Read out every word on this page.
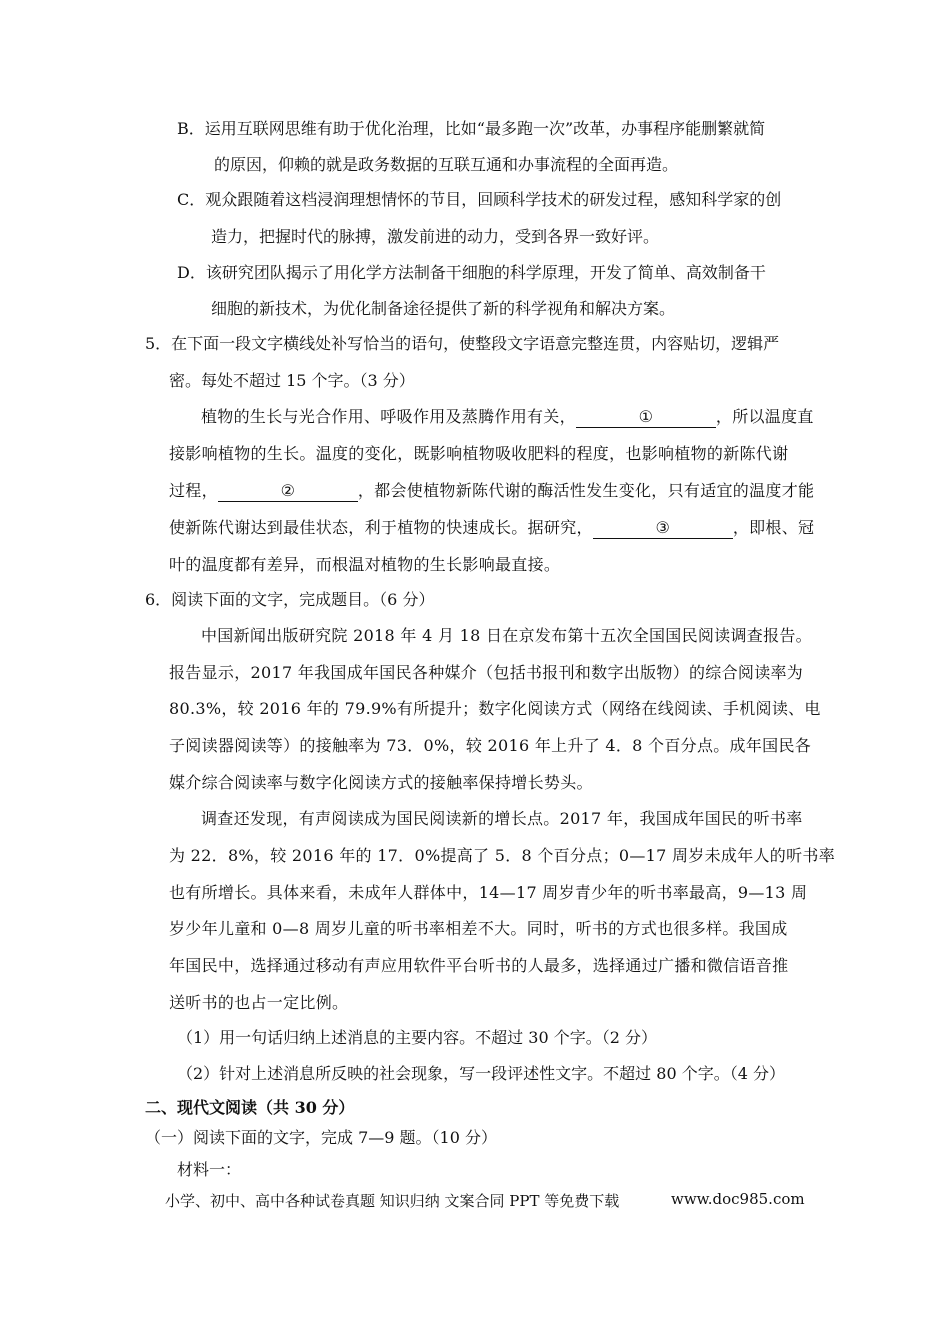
B．运用互联网思维有助于优化治理，比如“最多跑一次”改革，办事程序能删繁就简
的原因，仰赖的就是政务数据的互联互通和办事流程的全面再造。
C．观众跟随着这档浸润理想情怀的节目，回顾科学技术的研发过程，感知科学家的创
造力，把握时代的脉搏，激发前进的动力，受到各界一致好评。
D．该研究团队揭示了用化学方法制备干细胞的科学原理，开发了简单、高效制备干
细胞的新技术，为优化制备途径提供了新的科学视角和解决方案。
5．在下面一段文字横线处补写恰当的语句，使整段文字语意完整连贯，内容贴切，逻辑严
密。每处不超过 15 个字。（3 分）
植物的生长与光合作用、呼吸作用及蒸腾作用有关，	①	，所以温度直
接影响植物的生长。温度的变化，既影响植物吸收肥料的程度，也影响植物的新陈代谢
过程，	②	，都会使植物新陈代谢的酶活性发生变化，只有适宜的温度才能
使新陈代谢达到最佳状态，利于植物的快速成长。据研究，	③	，即根、冠
叶的温度都有差异，而根温对植物的生长影响最直接。
6．阅读下面的文字，完成题目。（6 分）
中国新闻出版研究院 2018 年 4 月 18 日在京发布第十五次全国国民阅读调查报告。
报告显示，2017 年我国成年国民各种媒介（包括书报刊和数字出版物）的综合阅读率为
80.3%，较 2016 年的 79.9%有所提升；数字化阅读方式（网络在线阅读、手机阅读、电
子阅读器阅读等）的接触率为 73．0%，较 2016 年上升了 4．8 个百分点。成年国民各
媒介综合阅读率与数字化阅读方式的接触率保持增长势头。
调查还发现，有声阅读成为国民阅读新的增长点。2017 年，我国成年国民的听书率
为 22．8%，较 2016 年的 17．0%提高了 5．8 个百分点；0—17 周岁未成年人的听书率
也有所增长。具体来看，未成年人群体中，14—17 周岁青少年的听书率最高，9—13 周
岁少年儿童和 0—8 周岁儿童的听书率相差不大。同时，听书的方式也很多样。我国成
年国民中，选择通过移动有声应用软件平台听书的人最多，选择通过广播和微信语音推
送听书的也占一定比例。
（1）用一句话归纳上述消息的主要内容。不超过 30 个字。（2 分）
（2）针对上述消息所反映的社会现象，写一段评述性文字。不超过 80 个字。（4 分）
二、现代文阅读（共 30 分）
（一）阅读下面的文字，完成 7—9 题。（10 分）
材料一：
小学、初中、高中各种试卷真题 知识归纳 文案合同 PPT 等免费下载	www.doc985.com
